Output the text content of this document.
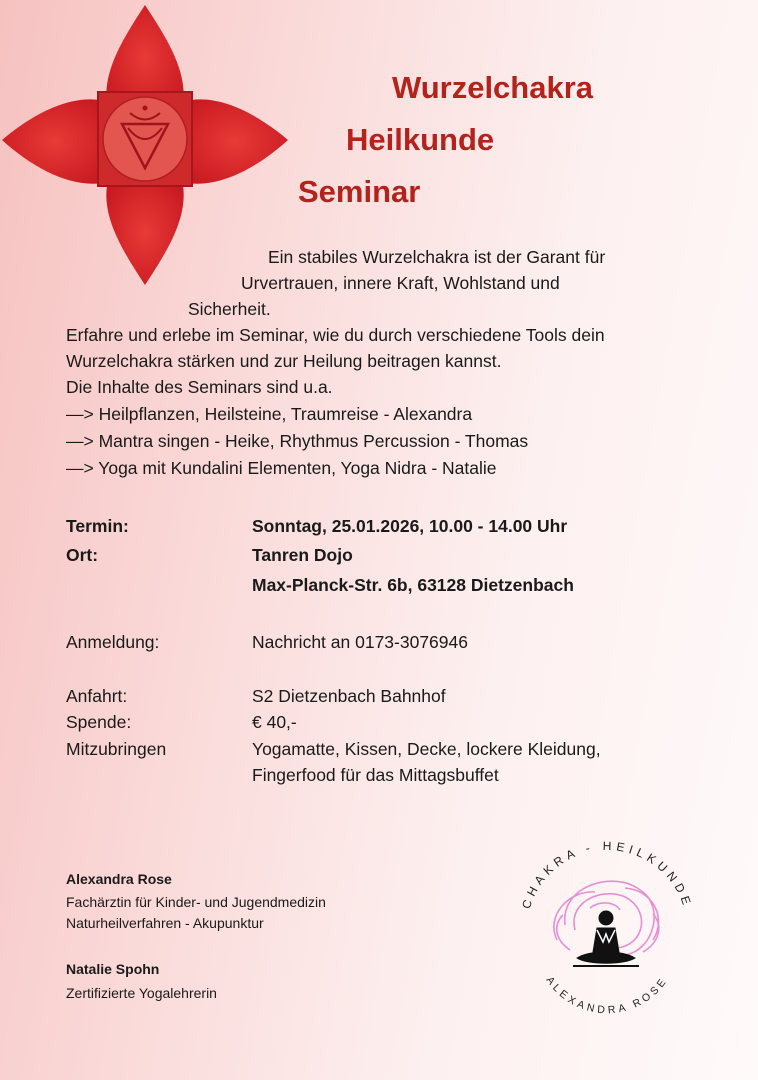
Wurzelchakra
Heilkunde
Seminar
Ein stabiles Wurzelchakra ist der Garant für
Urvertrauen, innere Kraft, Wohlstand und
Sicherheit.
Erfahre und erlebe im Seminar, wie du durch verschiedene Tools dein
Wurzelchakra stärken und zur Heilung beitragen kannst.
Die Inhalte des Seminars sind u.a.
—> Heilpflanzen, Heilsteine, Traumreise - Alexandra
—> Mantra singen - Heike, Rhythmus Percussion - Thomas
—> Yoga mit Kundalini Elementen, Yoga Nidra - Natalie
Termin:	Sonntag, 25.01.2026, 10.00 - 14.00 Uhr
Ort:	Tanren Dojo
Max-Planck-Str. 6b, 63128 Dietzenbach
Anmeldung:	Nachricht an 0173-3076946
Anfahrt:	S2 Dietzenbach Bahnhof
Spende:	€ 40,-
Mitzubringen	Yogamatte, Kissen, Decke, lockere Kleidung,
Fingerfood für das Mittagsbuffet
Alexandra Rose
Fachärztin für Kinder- und Jugendmedizin
Naturheilverfahren - Akupunktur
Natalie Spohn
Zertifizierte Yogalehrerin
CHAKRA - HEILKUNDE
ALEXANDRA ROSE
